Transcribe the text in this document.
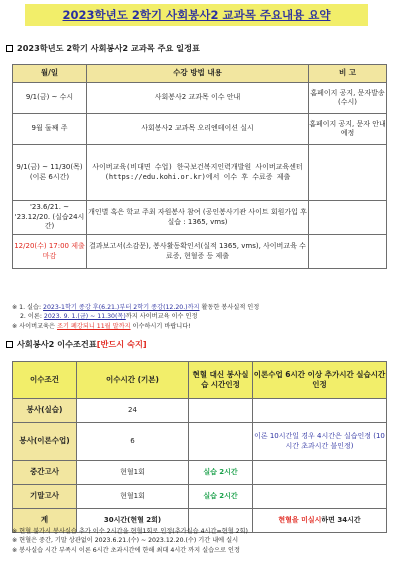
2023학년도 2학기 사회봉사2 교과목 주요내용 요약
2023학년도 2학기 사회봉사2 교과목 주요 일정표
월/일	수강 방법 내용	비 고
9/1(금) ~ 수시	사회봉사2 교과목 이수 안내	홈페이지 공지, 문자발송(수시)
9월 둘째 주	사회봉사2 교과목 오리엔테이션 실시	홈페이지 공지, 문자 안내 예정
9/1(금) ~ 11/30(목) (이론 6시간)	사이버교육(비대면 수업) 한국보건복지인력개발원 사이버교육센터(https://edu.kohi.or.kr)에서 이수 후 수료증 제출	
'23.6/21. ~ '23.12/20. (실습24시간)	개인별 혹은 학교 주최 자원봉사 참여 (공인봉사기관 사이트 회원가입 후 실습 : 1365, vms)	
12/20(수) 17:00 제출마감	결과보고서(소감문), 봉사활동확인서(실적 1365, vms), 사이버교육 수료증, 현혈증 등 제출	
※ 1. 실습: 2023-1학기 종강 후(6.21.)부터 2학기 종강(12.20.)까지 활동한 봉사실적 인정
2. 이론: 2023. 9. 1.(금) ~ 11.30(목)까지 사이버교육 이수 인정
※ 사이버교육은 조기 폐강되니 11월 말까지 이수하시기 바랍니다!
사회봉사2 이수조건표[반드시 숙지]
이수조건	이수시간 (기본)	현혈 대신 봉사실습 시간인정	이론수업 6시간 이상 추가시간 실습시간 인정
봉사(실습)	24		
봉사(이론수업)	6		이론 10시간일 경우 4시간은 실습인정 (10시간 초과시간 불인정)
중간고사	현혈1회	실습 2시간	
기말고사	현혈1회	실습 2시간	
계	30시간(현혈 2회)		현혈을 미실시하면 34시간
※ 현혈 불가시 봉사실습 추가 이수 2시간을 현혈1회로 인정(추가실습 4시간=현혈 2회)
※ 현혈은 중간, 기말 상관없이 2023.6.21.(수) ~ 2023.12.20.(수) 기간 내에 실시
※ 봉사실습 시간 부족시 이론 6시간 초과시간에 한해 최대 4시간 까지 실습으로 인정
